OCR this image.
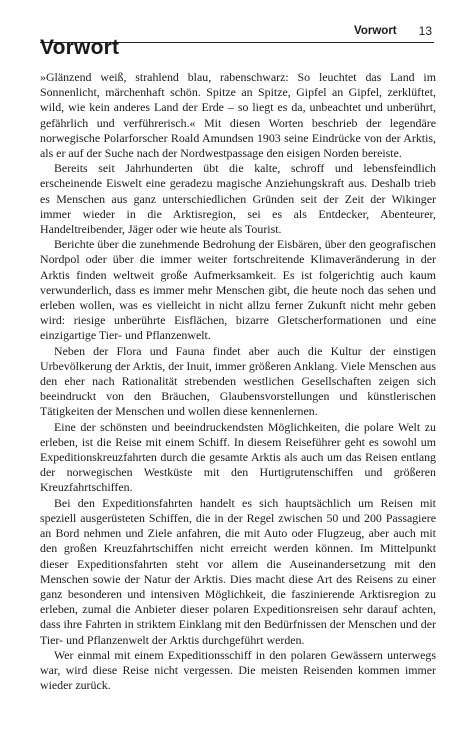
Vorwort 13
Vorwort

»Glänzend weiß, strahlend blau, rabenschwarz: So leuchtet das Land im Sonnenlicht, märchenhaft schön. Spitze an Spitze, Gipfel an Gipfel, zerklüftet, wild, wie kein anderes Land der Erde – so liegt es da, unbeachtet und unberührt, gefährlich und verführerisch.« Mit diesen Worten beschrieb der legendäre norwegische Polarforscher Roald Amundsen 1903 seine Eindrücke von der Arktis, als er auf der Suche nach der Nordwestpassage den eisigen Norden bereiste.

Bereits seit Jahrhunderten übt die kalte, schroff und lebensfeindlich erscheinende Eiswelt eine geradezu magische Anziehungskraft aus. Deshalb trieb es Menschen aus ganz unterschiedlichen Gründen seit der Zeit der Wikinger immer wieder in die Arktisregion, sei es als Entdecker, Abenteurer, Handeltreibender, Jäger oder wie heute als Tourist.

Berichte über die zunehmende Bedrohung der Eisbären, über den geografischen Nordpol oder über die immer weiter fortschreitende Klimaveränderung in der Arktis finden weltweit große Aufmerksamkeit. Es ist folgerichtig auch kaum verwunderlich, dass es immer mehr Menschen gibt, die heute noch das sehen und erleben wollen, was es vielleicht in nicht allzu ferner Zukunft nicht mehr geben wird: riesige unberührte Eisflächen, bizarre Gletscherformationen und eine einzigartige Tier- und Pflanzenwelt.

Neben der Flora und Fauna findet aber auch die Kultur der einstigen Urbevölkerung der Arktis, der Inuit, immer größeren Anklang. Viele Menschen aus den eher nach Rationalität strebenden westlichen Gesellschaften zeigen sich beeindruckt von den Bräuchen, Glaubensvorstellungen und künstlerischen Tätigkeiten der Menschen und wollen diese kennenlernen.

Eine der schönsten und beeindruckendsten Möglichkeiten, die polare Welt zu erleben, ist die Reise mit einem Schiff. In diesem Reiseführer geht es sowohl um Expeditionskreuzfahrten durch die gesamte Arktis als auch um das Reisen entlang der norwegischen Westküste mit den Hurtigrutenschiffen und größeren Kreuzfahrtschiffen.

Bei den Expeditionsfahrten handelt es sich hauptsächlich um Reisen mit speziell ausgerüsteten Schiffen, die in der Regel zwischen 50 und 200 Passagiere an Bord nehmen und Ziele anfahren, die mit Auto oder Flugzeug, aber auch mit den großen Kreuzfahrtschiffen nicht erreicht werden können. Im Mittelpunkt dieser Expeditionsfahrten steht vor allem die Auseinandersetzung mit den Menschen sowie der Natur der Arktis. Dies macht diese Art des Reisens zu einer ganz besonderen und intensiven Möglichkeit, die faszinierende Arktisregion zu erleben, zumal die Anbieter dieser polaren Expeditionsreisen sehr darauf achten, dass ihre Fahrten in striktem Einklang mit den Bedürfnissen der Menschen und der Tier- und Pflanzenwelt der Arktis durchgeführt werden.

Wer einmal mit einem Expeditionsschiff in den polaren Gewässern unterwegs war, wird diese Reise nicht vergessen. Die meisten Reisenden kommen immer wieder zurück.
